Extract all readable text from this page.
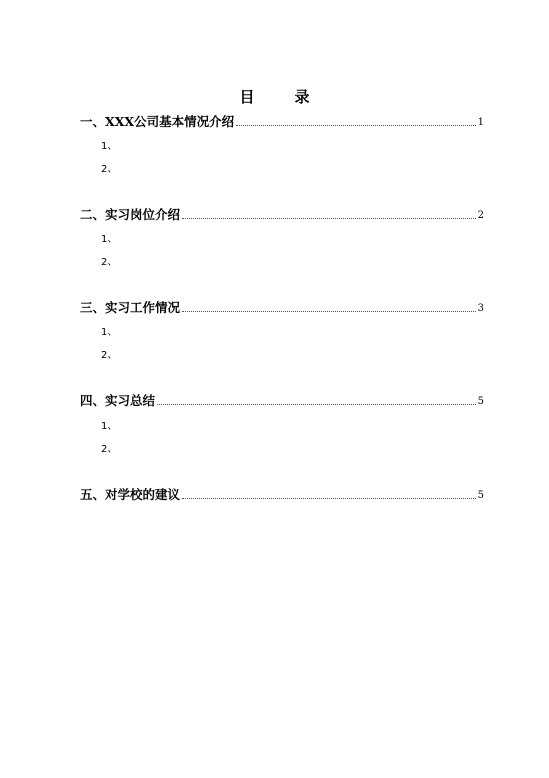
目	录
一、XXX公司基本情况介绍	1
1、
2、
二、实习岗位介绍	2
1、
2、
三、实习工作情况	3
1、
2、
四、实习总结	5
1、
2、
五、对学校的建议	5
